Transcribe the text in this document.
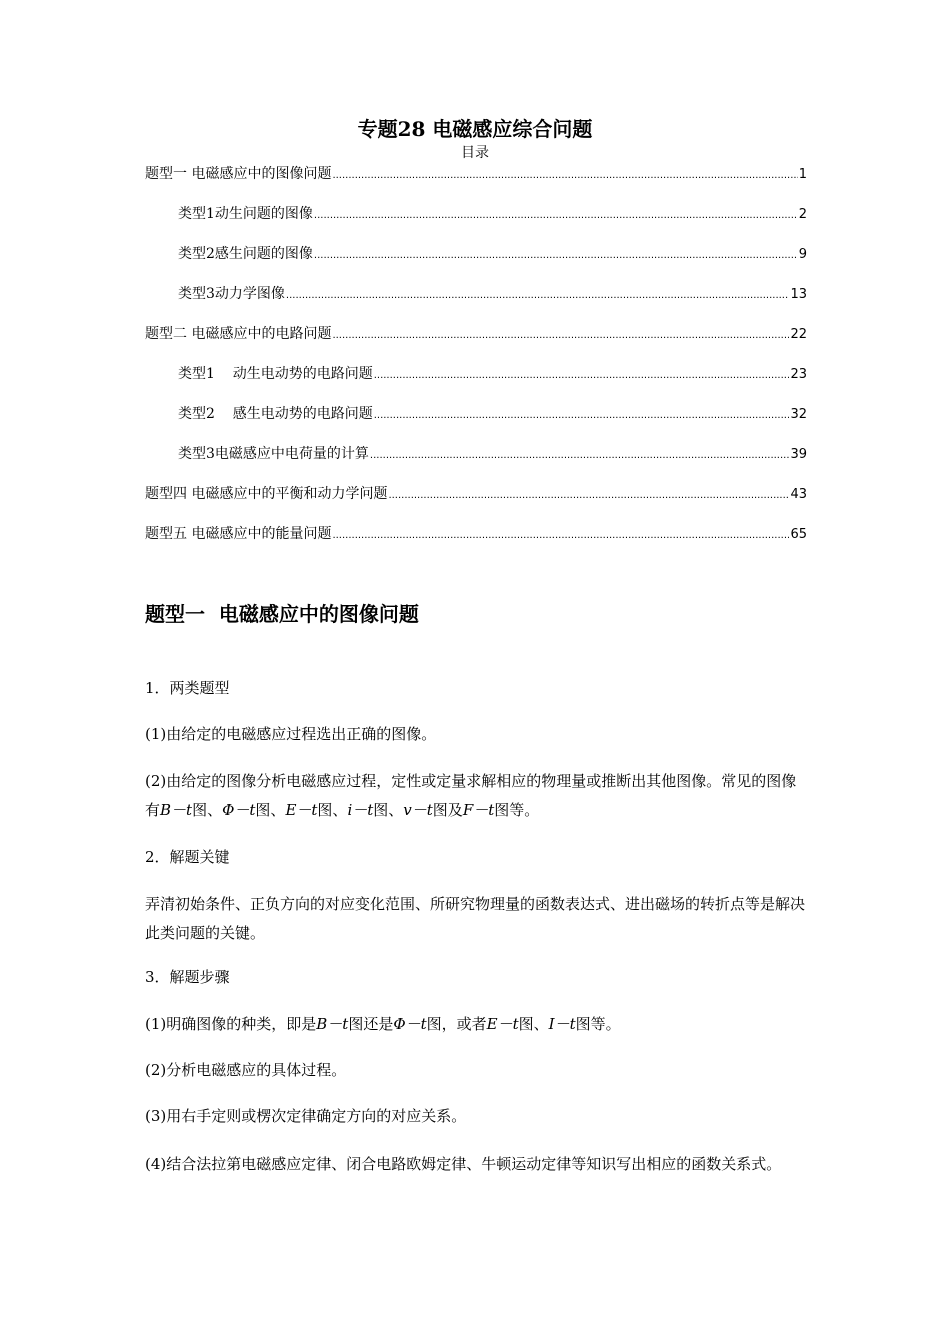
专题28 电磁感应综合问题
目录
题型一 电磁感应中的图像问题 .....	1
类型1动生问题的图像 .....	2
类型2感生问题的图像 .....	9
类型3动力学图像 .....	13
题型二 电磁感应中的电路问题 .....	22
类型1    动生电动势的电路问题 .....	23
类型2    感生电动势的电路问题 .....	32
类型3电磁感应中电荷量的计算 .....	39
题型四 电磁感应中的平衡和动力学问题 .....	43
题型五 电磁感应中的能量问题 .....	65
题型一  电磁感应中的图像问题

1．两类题型

(1)由给定的电磁感应过程选出正确的图像。

(2)由给定的图像分析电磁感应过程，定性或定量求解相应的物理量或推断出其他图像。常见的图像有B－t图、Φ－t图、E－t图、i－t图、v－t图及F－t图等。

2．解题关键

弄清初始条件、正负方向的对应变化范围、所研究物理量的函数表达式、进出磁场的转折点等是解决此类问题的关键。

3．解题步骤

(1)明确图像的种类，即是B－t图还是Φ－t图，或者E－t图、I－t图等。

(2)分析电磁感应的具体过程。

(3)用右手定则或楞次定律确定方向的对应关系。

(4)结合法拉第电磁感应定律、闭合电路欧姆定律、牛顿运动定律等知识写出相应的函数关系式。
